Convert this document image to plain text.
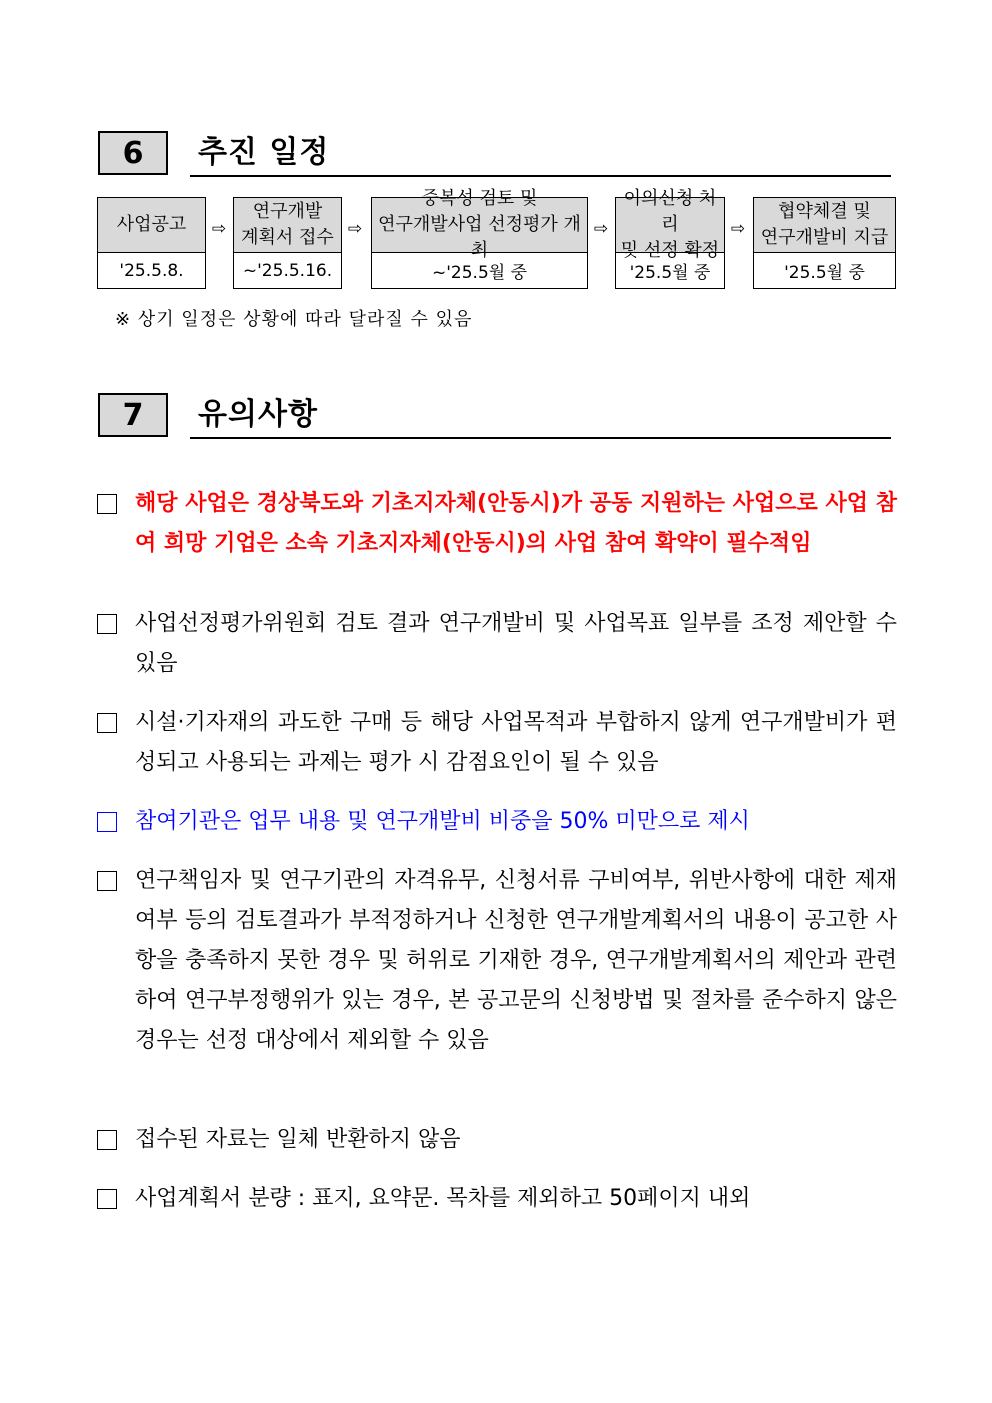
6	추진 일정
사업공고
'25.5.8.
⇨
연구개발
계획서 접수
~'25.5.16.
⇨
중복성 검토 및
연구개발사업 선정평가 개최
~'25.5월 중
⇨
이의신청 처리
및 선정 확정
'25.5월 중
⇨
협약체결 및
연구개발비 지급
'25.5월 중
※ 상기 일정은 상황에 따라 달라질 수 있음
7	유의사항
해당 사업은 경상북도와 기초지자체(안동시)가 공동 지원하는 사업으로 사업 참여 희망 기업은 소속 기초지자체(안동시)의 사업 참여 확약이 필수적임
사업선정평가위원회 검토 결과 연구개발비 및 사업목표 일부를 조정 제안할 수 있음
시설·기자재의 과도한 구매 등 해당 사업목적과 부합하지 않게 연구개발비가 편성되고 사용되는 과제는 평가 시 감점요인이 될 수 있음
참여기관은 업무 내용 및 연구개발비 비중을 50% 미만으로 제시
연구책임자 및 연구기관의 자격유무, 신청서류 구비여부, 위반사항에 대한 제재여부 등의 검토결과가 부적정하거나 신청한 연구개발계획서의 내용이 공고한 사항을 충족하지 못한 경우 및 허위로 기재한 경우, 연구개발계획서의 제안과 관련하여 연구부정행위가 있는 경우, 본 공고문의 신청방법 및 절차를 준수하지 않은 경우는 선정 대상에서 제외할 수 있음
접수된 자료는 일체 반환하지 않음
사업계획서 분량 : 표지, 요약문. 목차를 제외하고 50페이지 내외
